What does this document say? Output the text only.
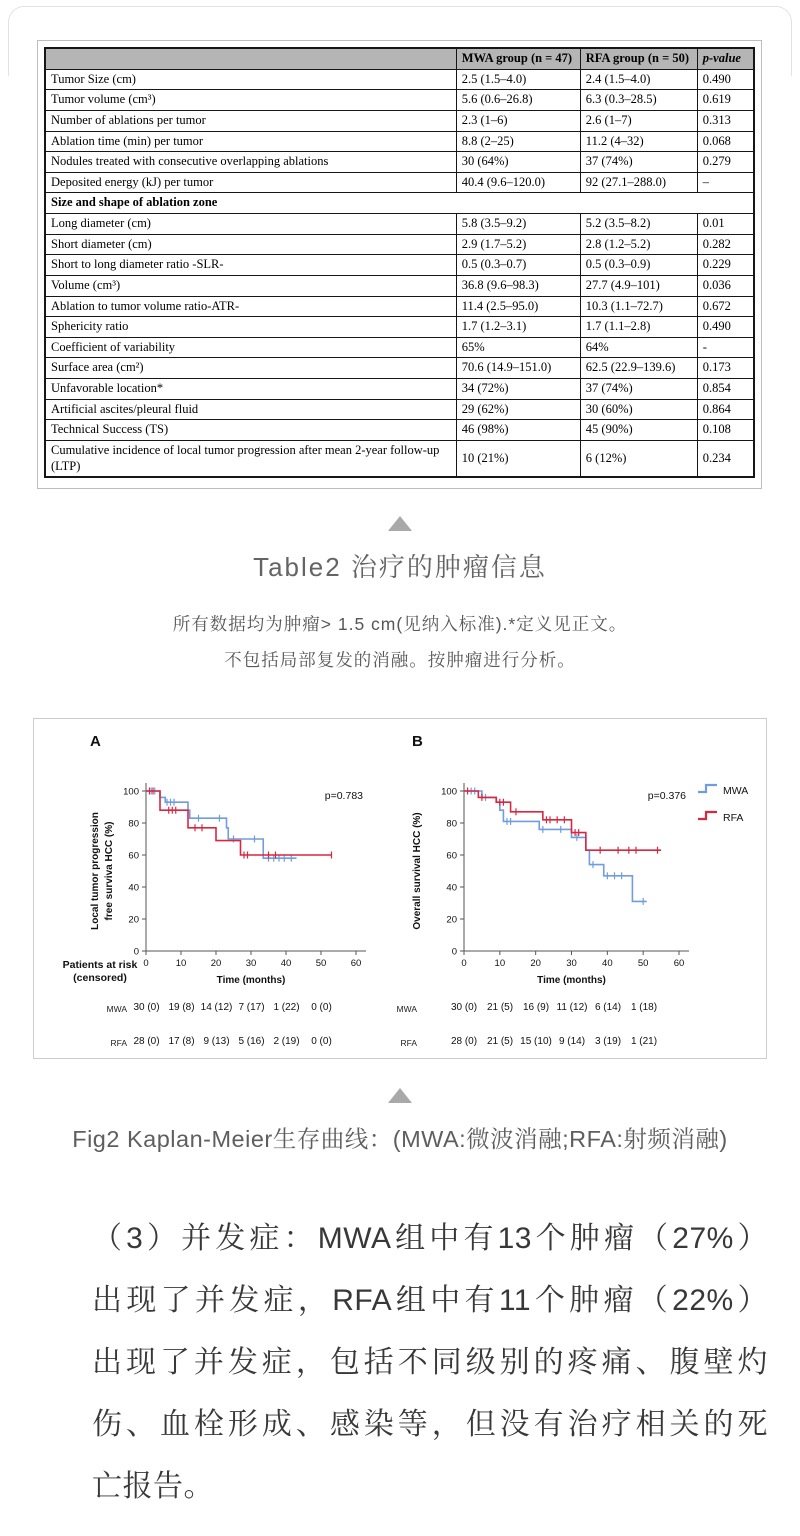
	MWA group (n = 47)	RFA group (n = 50)	p-value
Tumor Size (cm)	2.5 (1.5–4.0)	2.4 (1.5–4.0)	0.490
Tumor volume (cm³)	5.6 (0.6–26.8)	6.3 (0.3–28.5)	0.619
Number of ablations per tumor	2.3 (1–6)	2.6 (1–7)	0.313
Ablation time (min) per tumor	8.8 (2–25)	11.2 (4–32)	0.068
Nodules treated with consecutive overlapping ablations	30 (64%)	37 (74%)	0.279
Deposited energy (kJ) per tumor	40.4 (9.6–120.0)	92 (27.1–288.0)	–
Size and shape of ablation zone			
Long diameter (cm)	5.8 (3.5–9.2)	5.2 (3.5–8.2)	0.01
Short diameter (cm)	2.9 (1.7–5.2)	2.8 (1.2–5.2)	0.282
Short to long diameter ratio -SLR-	0.5 (0.3–0.7)	0.5 (0.3–0.9)	0.229
Volume (cm³)	36.8 (9.6–98.3)	27.7 (4.9–101)	0.036
Ablation to tumor volume ratio-ATR-	11.4 (2.5–95.0)	10.3 (1.1–72.7)	0.672
Sphericity ratio	1.7 (1.2–3.1)	1.7 (1.1–2.8)	0.490
Coefficient of variability	65%	64%	-
Surface area (cm²)	70.6 (14.9–151.0)	62.5 (22.9–139.6)	0.173
Unfavorable location*	34 (72%)	37 (74%)	0.854
Artificial ascites/pleural fluid	29 (62%)	30 (60%)	0.864
Technical Success (TS)	46 (98%)	45 (90%)	0.108
Cumulative incidence of local tumor progression after mean 2-year follow-up (LTP)	10 (21%)	6 (12%)	0.234
Table2 治疗的肿瘤信息
所有数据均为肿瘤> 1.5 cm(见纳入标准).*定义见正文。
不包括局部复发的消融。按肿瘤进行分析。
A	B
0
20
40
60
80
100
0	10	20	30	40	50	60
Time (months)
Local tumor progression free surviva HCC (%)
p=0.783
0
20
40
60
80
100
0	10	20	30	40	50	60
Time (months)
Overall survival HCC (%)
p=0.376	MWA
RFA
Patients at risk
(censored)
MWA
RFA
30 (0) 19 (8) 14 (12) 7 (17) 1 (22)	0 (0)
28 (0) 17 (8) 9 (13) 5 (16) 2 (19)	0 (0)
MWA
RFA
30 (0) 21 (5) 16 (9) 11 (12) 6 (14) 1 (18)
28 (0) 21 (5) 15 (10) 9 (14) 3 (19) 1 (21)
Fig2 Kaplan-Meier生存曲线：(MWA:微波消融;RFA:射频消融)
（3）并发症：MWA组中有13个肿瘤（27%）
出现了并发症，RFA组中有11个肿瘤（22%）
出现了并发症，包括不同级别的疼痛、腹壁灼
伤、血栓形成、感染等，但没有治疗相关的死
亡报告。
